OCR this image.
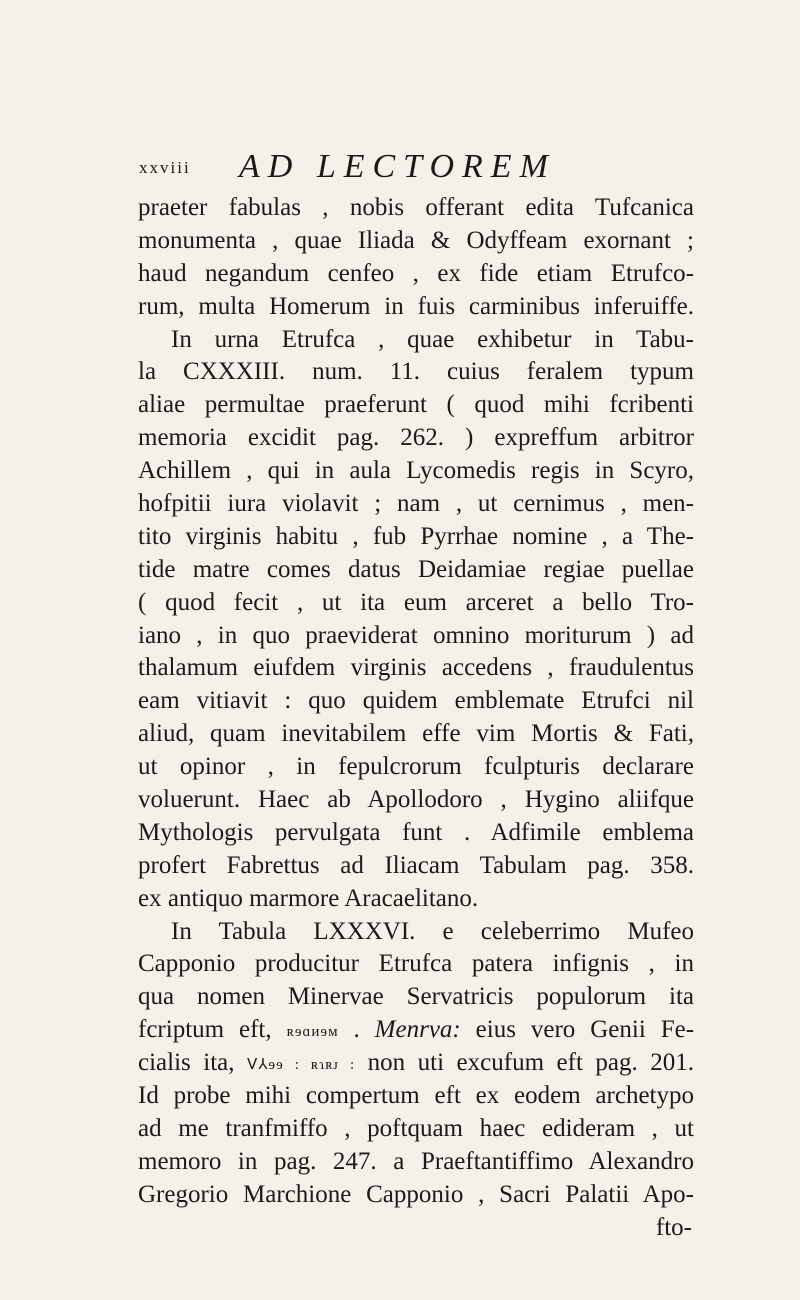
xxviii AD LECTOREM
praeter fabulas , nobis offerant edita Tufcanica
monumenta , quae Iliada & Odyffeam exornant ;
haud negandum cenfeo , ex fide etiam Etrufco-
rum, multa Homerum in fuis carminibus inferuiffe.
In urna Etrufca , quae exhibetur in Tabu-
la CXXXIII. num. 11. cuius feralem typum
aliae permultae praeferunt ( quod mihi fcribenti
memoria excidit pag. 262. ) expreffum arbitror
Achillem , qui in aula Lycomedis regis in Scyro,
hofpitii iura violavit ; nam , ut cernimus , men-
tito virginis habitu , fub Pyrrhae nomine , a The-
tide matre comes datus Deidamiae regiae puellae
( quod fecit , ut ita eum arceret a bello Tro-
iano , in quo praeviderat omnino moriturum ) ad
thalamum eiufdem virginis accedens , fraudulentus
eam vitiavit : quo quidem emblemate Etrufci nil
aliud, quam inevitabilem effe vim Mortis & Fati,
ut opinor , in fepulcrorum fculpturis declarare
voluerunt. Haec ab Apollodoro , Hygino aliifque
Mythologis pervulgata funt . Adfimile emblema
profert Fabrettus ad Iliacam Tabulam pag. 358.
ex antiquo marmore Aracaelitano.
In Tabula LXXXVI. e celeberrimo Mufeo
Capponio producitur Etrufca patera infignis , in
qua nomen Minervae Servatricis populorum ita
fcriptum eft, ʀɘɑиɘм . Menrva: eius vero Genii Fe-
cialis ita, ᐯ⅄ɘɘ : ʀɿʀᴊ : non uti excufum eft pag. 201.
Id probe mihi compertum eft ex eodem archetypo
ad me tranfmiffo , poftquam haec edideram , ut
memoro in pag. 247. a Praeftantiffimo Alexandro
Gregorio Marchione Capponio , Sacri Palatii Apo-
fto-
